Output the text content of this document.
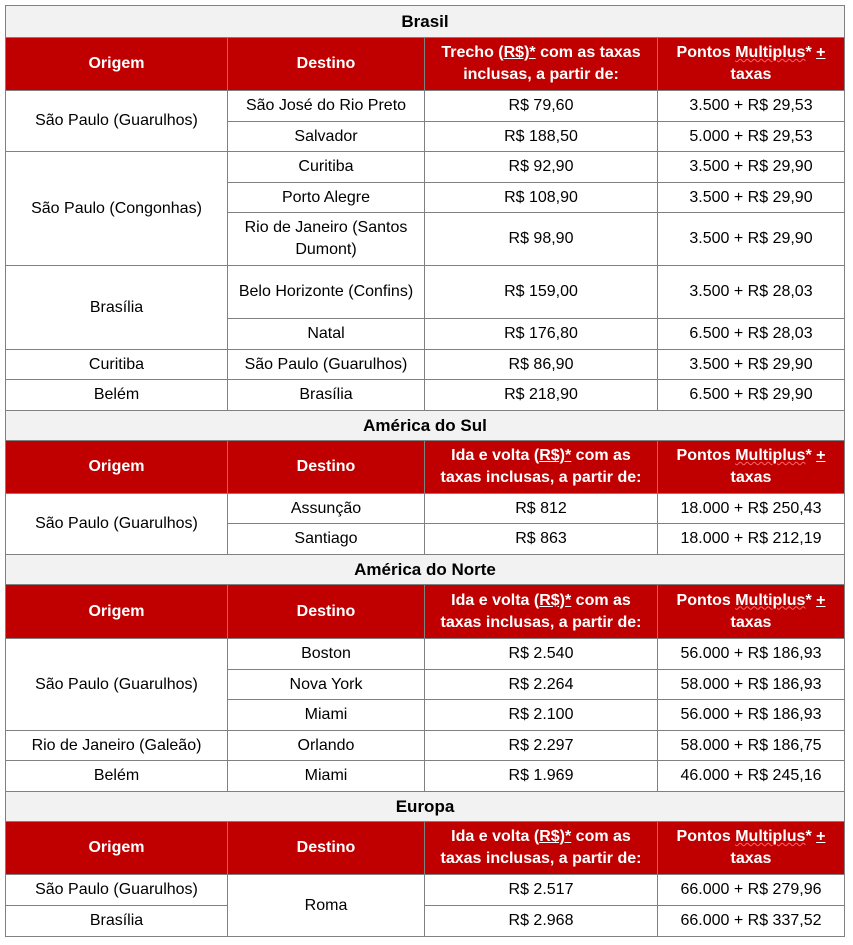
Brasil			
Origem	Destino	Trecho (R$)* com as taxas inclusas, a partir de:	Pontos Multiplus* + taxas
São Paulo (Guarulhos)	São José do Rio Preto	R$ 79,60	3.500 + R$ 29,53
	Salvador	R$ 188,50	5.000 + R$ 29,53
São Paulo (Congonhas)	Curitiba	R$ 92,90	3.500 + R$ 29,90
	Porto Alegre	R$ 108,90	3.500 + R$ 29,90
	Rio de Janeiro (Santos Dumont)	R$ 98,90	3.500 + R$ 29,90
Brasília	Belo Horizonte (Confins)	R$ 159,00	3.500 + R$ 28,03
	Natal	R$ 176,80	6.500 + R$ 28,03
Curitiba	São Paulo (Guarulhos)	R$ 86,90	3.500 + R$ 29,90
Belém	Brasília	R$ 218,90	6.500 + R$ 29,90
América do Sul			
Origem	Destino	Ida e volta (R$)* com as taxas inclusas, a partir de:	Pontos Multiplus* + taxas
São Paulo (Guarulhos)	Assunção	R$ 812	18.000 + R$ 250,43
	Santiago	R$ 863	18.000 + R$ 212,19
América do Norte			
Origem	Destino	Ida e volta (R$)* com as taxas inclusas, a partir de:	Pontos Multiplus* + taxas
São Paulo (Guarulhos)	Boston	R$ 2.540	56.000 + R$ 186,93
	Nova York	R$ 2.264	58.000 + R$ 186,93
	Miami	R$ 2.100	56.000 + R$ 186,93
Rio de Janeiro (Galeão)	Orlando	R$ 2.297	58.000 + R$ 186,75
Belém	Miami	R$ 1.969	46.000 + R$ 245,16
Europa			
Origem	Destino	Ida e volta (R$)* com as taxas inclusas, a partir de:	Pontos Multiplus* + taxas
São Paulo (Guarulhos)	Roma	R$ 2.517	66.000 + R$ 279,96
Brasília		R$ 2.968	66.000 + R$ 337,52
